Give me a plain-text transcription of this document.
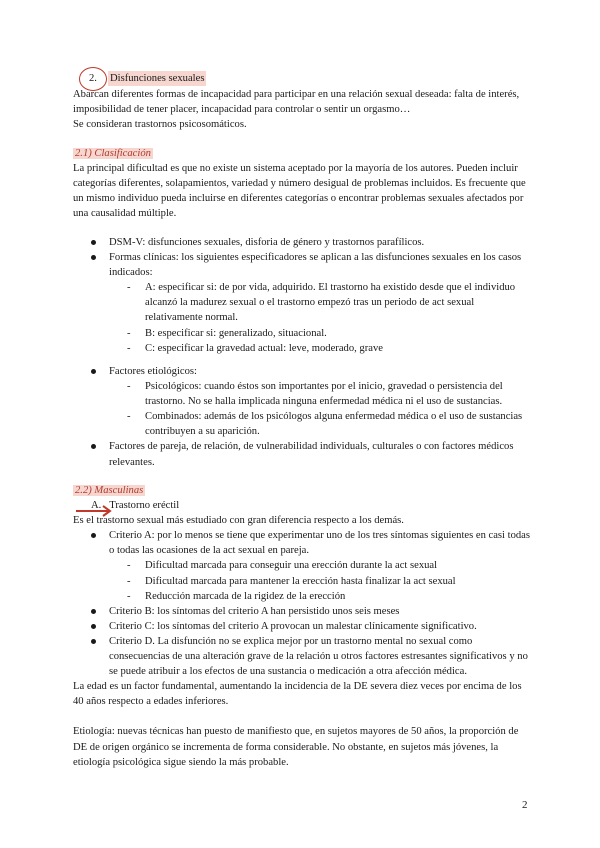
2. Disfunciones sexuales

Abarcan diferentes formas de incapacidad para participar en una relación sexual deseada: falta de interés, imposibilidad de tener placer, incapacidad para controlar o sentir un orgasmo…

Se consideran trastornos psicosomáticos.

2.1) Clasificación

La principal dificultad es que no existe un sistema aceptado por la mayoría de los autores. Pueden incluir categorías diferentes, solapamientos, variedad y número desigual de problemas incluidos. Es frecuente que un mismo individuo pueda incluirse en diferentes categorías o encontrar problemas sexuales afectados por una causalidad múltiple.

DSM-V: disfunciones sexuales, disforia de género y trastornos parafílicos.
Formas clínicas: los siguientes especificadores se aplican a las disfunciones sexuales en los casos indicados:
- A: especificar si: de por vida, adquirido. El trastorno ha existido desde que el individuo alcanzó la madurez sexual o el trastorno empezó tras un periodo de act sexual relativamente normal.
- B: especificar si: generalizado, situacional.
- C: especificar la gravedad actual: leve, moderado, grave
Factores etiológicos:
- Psicológicos: cuando éstos son importantes por el inicio, gravedad o persistencia del trastorno. No se halla implicada ninguna enfermedad médica ni el uso de sustancias.
- Combinados: además de los psicólogos alguna enfermedad médica o el uso de sustancias contribuyen a su aparición.
Factores de pareja, de relación, de vulnerabilidad individuals, culturales o con factores médicos relevantes.

2.2) Masculinas

A. Trastorno eréctil

Es el trastorno sexual más estudiado con gran diferencia respecto a los demás.

Criterio A: por lo menos se tiene que experimentar uno de los tres síntomas siguientes en casi todas o todas las ocasiones de la act sexual en pareja.
- Dificultad marcada para conseguir una erección durante la act sexual
- Dificultad marcada para mantener la erección hasta finalizar la act sexual
- Reducción marcada de la rigidez de la erección
Criterio B: los síntomas del criterio A han persistido unos seis meses
Criterio C: los síntomas del criterio A provocan un malestar clínicamente significativo.
Criterio D. La disfunción no se explica mejor por un trastorno mental no sexual como consecuencias de una alteración grave de la relación u otros factores estresantes significativos y no se puede atribuir a los efectos de una sustancia o medicación a otra afección médica.

La edad es un factor fundamental, aumentando la incidencia de la DE severa diez veces por encima de los 40 años respecto a edades inferiores.

Etiología: nuevas técnicas han puesto de manifiesto que, en sujetos mayores de 50 años, la proporción de DE de origen orgánico se incrementa de forma considerable. No obstante, en sujetos más jóvenes, la etiología psicológica sigue siendo la más probable.

2
